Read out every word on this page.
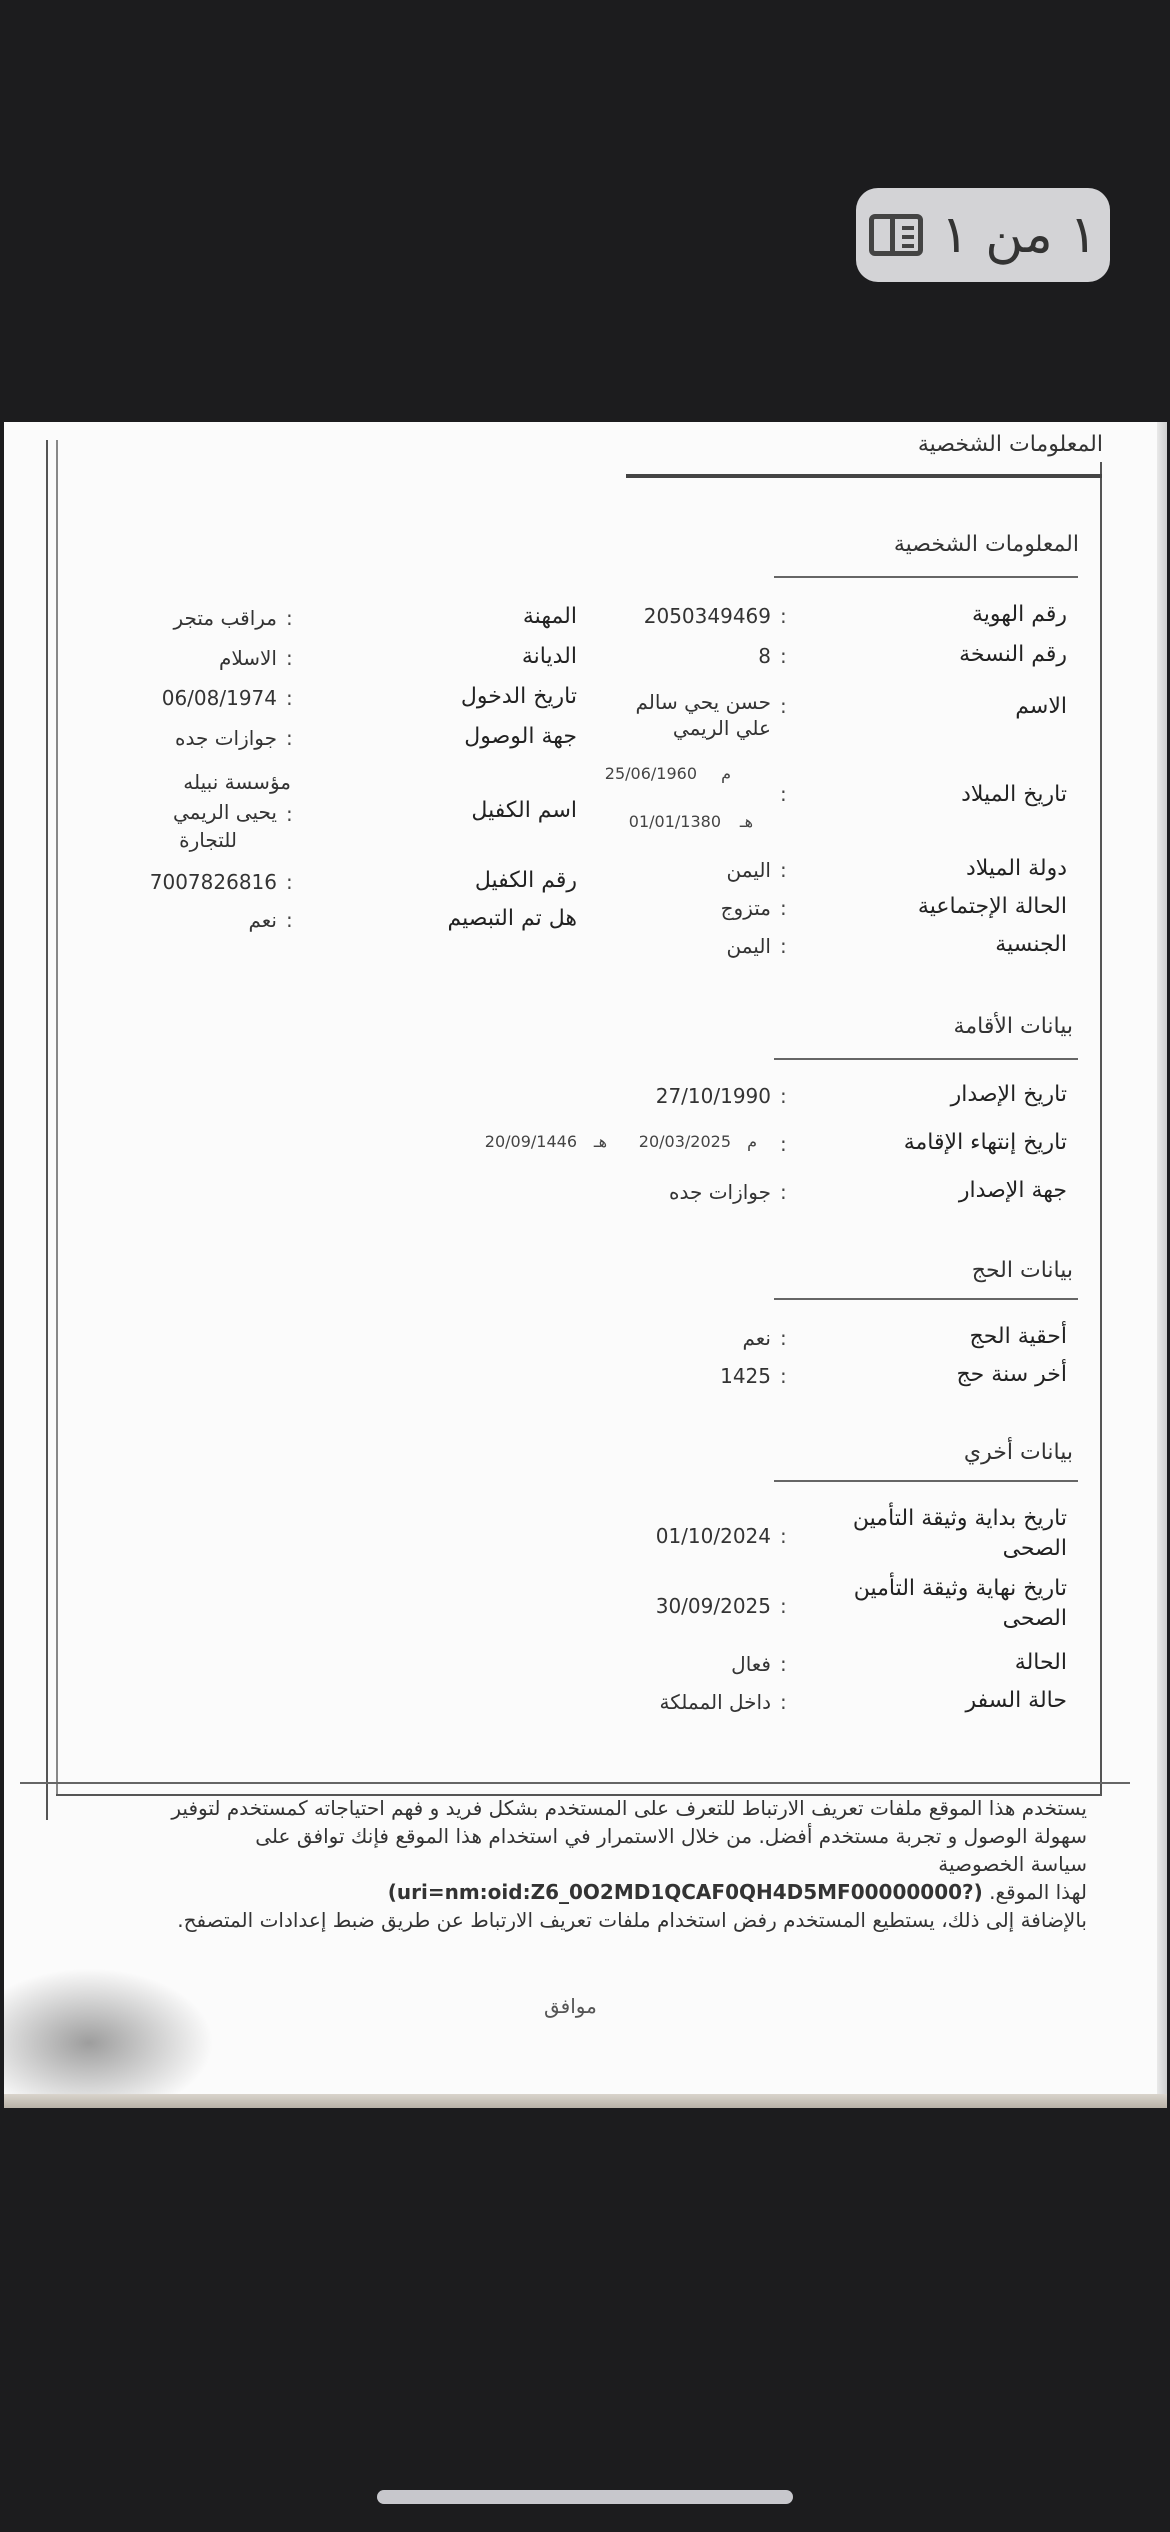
١ من ١
المعلومات الشخصية
المعلومات الشخصية
رقم الهوية
:
2050349469
رقم النسخة
:
8
الاسم
:
حسن يحي سالم
علي الريمي
تاريخ الميلاد
:
م
25/06/1960
هـ
01/01/1380
دولة الميلاد
اليمن :
الحالة الإجتماعية
متزوج :
الجنسية
اليمن :
المهنة
الديانة
تاريخ الدخول
جهة الوصول
اسم الكفيل
رقم الكفيل
هل تم التبصيم
:
مراقب متجر
:
الاسلام
:
06/08/1974
:
جوازات جده
مؤسسة نبيله
:
يحيى الريمي
للتجارة
:
7007826816
:
نعم
بيانات الأقامة
تاريخ الإصدار
:
27/10/1990
تاريخ إنتهاء الإقامة
:
م
20/03/2025
هـ
20/09/1446
جهة الإصدار
:
جوازات جده
بيانات الحج
أحقية الحج
:
نعم
أخر سنة حج
:
1425
بيانات أخري
تاريخ بداية وثيقة التأمين
الصحى
:
01/10/2024
تاريخ نهاية وثيقة التأمين
الصحى
:
30/09/2025
الحالة
:
فعال
حالة السفر
:
داخل المملكة
يستخدم هذا الموقع ملفات تعريف الارتباط للتعرف على المستخدم بشكل فريد و فهم احتياجاته كمستخدم لتوفير
سهولة الوصول و تجربة مستخدم أفضل. من خلال الاستمرار في استخدام هذا الموقع فإنك توافق على
سياسة الخصوصية
لهذا الموقع. (uri=nm:oid:Z6_0O2MD1QCAF0QH4D5MF00000000?)
بالإضافة إلى ذلك، يستطيع المستخدم رفض استخدام ملفات تعريف الارتباط عن طريق ضبط إعدادات المتصفح.
موافق
